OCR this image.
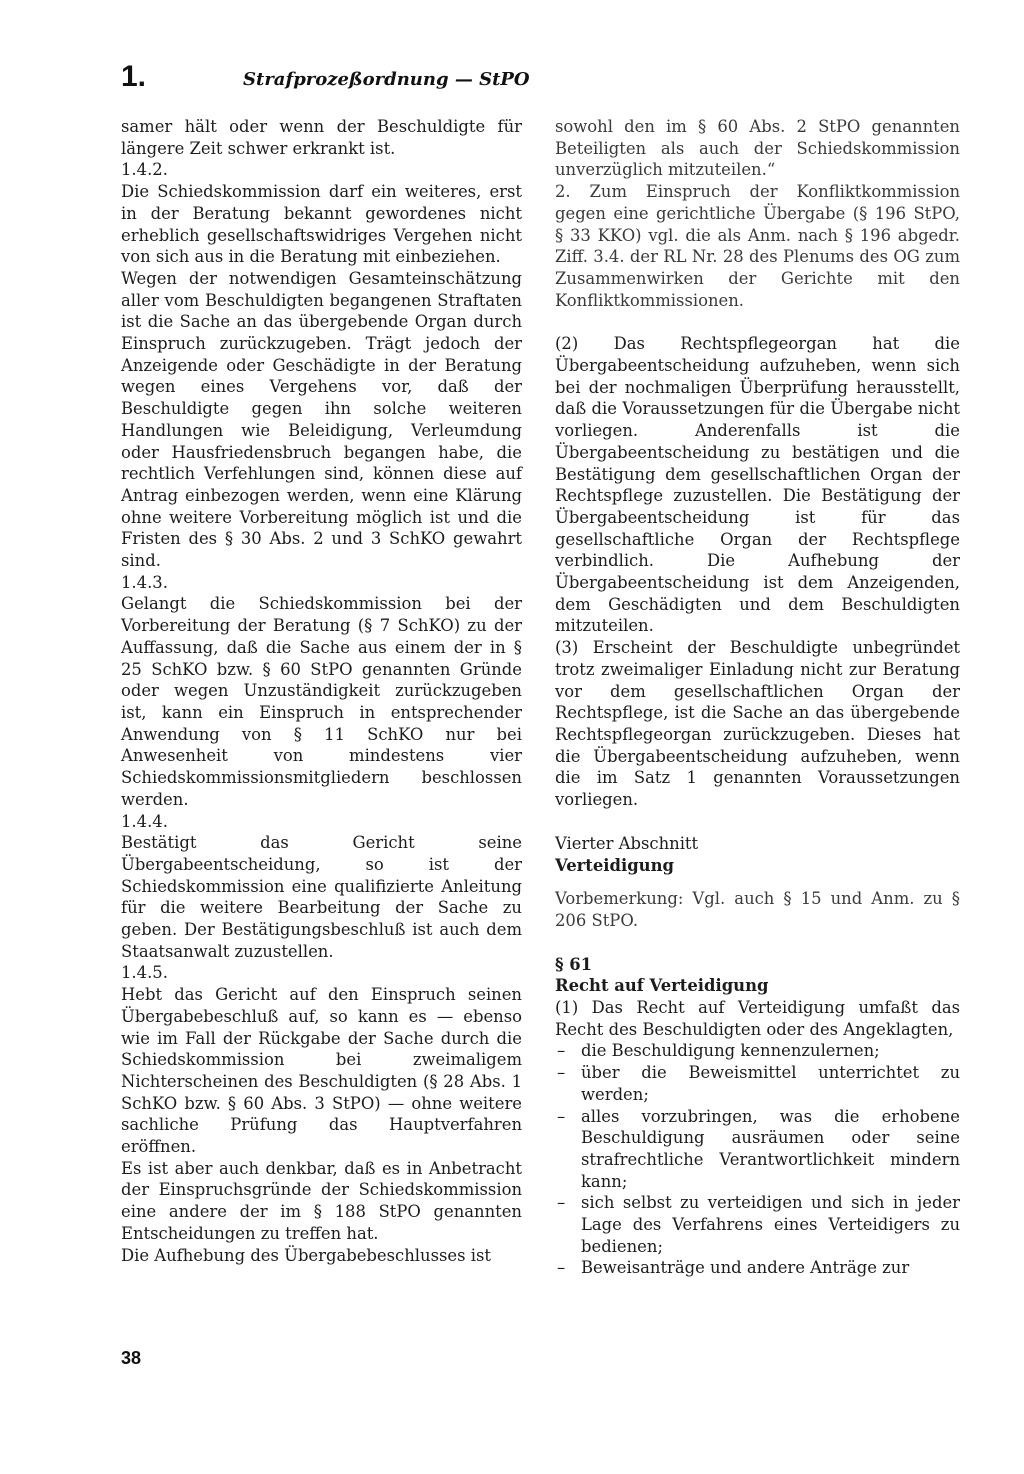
1.	Strafprozeßordnung — StPO

samer hält oder wenn der Beschuldigte für längere Zeit schwer erkrankt ist.

1.4.2.

Die Schiedskommission darf ein weiteres, erst in der Beratung bekannt gewordenes nicht erheblich gesellschaftswidriges Vergehen nicht von sich aus in die Beratung mit einbeziehen.

Wegen der notwendigen Gesamteinschätzung aller vom Beschuldigten begangenen Straftaten ist die Sache an das übergebende Organ durch Einspruch zurückzugeben. Trägt jedoch der Anzeigende oder Geschädigte in der Beratung wegen eines Vergehens vor, daß der Beschuldigte gegen ihn solche weiteren Handlungen wie Beleidigung, Verleumdung oder Hausfriedensbruch begangen habe, die rechtlich Verfehlungen sind, können diese auf Antrag einbezogen werden, wenn eine Klärung ohne weitere Vorbereitung möglich ist und die Fristen des § 30 Abs. 2 und 3 SchKO gewahrt sind.

1.4.3.

Gelangt die Schiedskommission bei der Vorbereitung der Beratung (§ 7 SchKO) zu der Auffassung, daß die Sache aus einem der in § 25 SchKO bzw. § 60 StPO genannten Gründe oder wegen Unzuständigkeit zurückzugeben ist, kann ein Einspruch in entsprechender Anwendung von § 11 SchKO nur bei Anwesenheit von mindestens vier Schiedskommissionsmitgliedern beschlossen werden.

1.4.4.

Bestätigt das Gericht seine Übergabeentscheidung, so ist der Schiedskommission eine qualifizierte Anleitung für die weitere Bearbeitung der Sache zu geben. Der Bestätigungsbeschluß ist auch dem Staatsanwalt zuzustellen.

1.4.5.

Hebt das Gericht auf den Einspruch seinen Übergabebeschluß auf, so kann es — ebenso wie im Fall der Rückgabe der Sache durch die Schiedskommission bei zweimaligem Nichterscheinen des Beschuldigten (§ 28 Abs. 1 SchKO bzw. § 60 Abs. 3 StPO) — ohne weitere sachliche Prüfung das Hauptverfahren eröffnen.

Es ist aber auch denkbar, daß es in Anbetracht der Einspruchsgründe der Schiedskommission eine andere der im § 188 StPO genannten Entscheidungen zu treffen hat.

Die Aufhebung des Übergabebeschlusses ist

sowohl den im § 60 Abs. 2 StPO genannten Beteiligten als auch der Schiedskommission unverzüglich mitzuteilen.“

2. Zum Einspruch der Konfliktkommission gegen eine gerichtliche Übergabe (§ 196 StPO, § 33 KKO) vgl. die als Anm. nach § 196 abgedr. Ziff. 3.4. der RL Nr. 28 des Plenums des OG zum Zusammenwirken der Gerichte mit den Konfliktkommissionen.

(2) Das Rechtspflegeorgan hat die Übergabeentscheidung aufzuheben, wenn sich bei der nochmaligen Überprüfung herausstellt, daß die Voraussetzungen für die Übergabe nicht vorliegen. Anderenfalls ist die Übergabeentscheidung zu bestätigen und die Bestätigung dem gesellschaftlichen Organ der Rechtspflege zuzustellen. Die Bestätigung der Übergabeentscheidung ist für das gesellschaftliche Organ der Rechtspflege verbindlich. Die Aufhebung der Übergabeentscheidung ist dem Anzeigenden, dem Geschädigten und dem Beschuldigten mitzuteilen.

(3) Erscheint der Beschuldigte unbegründet trotz zweimaliger Einladung nicht zur Beratung vor dem gesellschaftlichen Organ der Rechtspflege, ist die Sache an das übergebende Rechtspflegeorgan zurückzugeben. Dieses hat die Übergabeentscheidung aufzuheben, wenn die im Satz 1 genannten Voraussetzungen vorliegen.

Vierter Abschnitt

Verteidigung

Vorbemerkung: Vgl. auch § 15 und Anm. zu § 206 StPO.

§ 61

Recht auf Verteidigung

(1) Das Recht auf Verteidigung umfaßt das Recht des Beschuldigten oder des Angeklagten,

– die Beschuldigung kennenzulernen;
– über die Beweismittel unterrichtet zu werden;
– alles vorzubringen, was die erhobene Beschuldigung ausräumen oder seine strafrechtliche Verantwortlichkeit mindern kann;
– sich selbst zu verteidigen und sich in jeder Lage des Verfahrens eines Verteidigers zu bedienen;
– Beweisanträge und andere Anträge zur
38
